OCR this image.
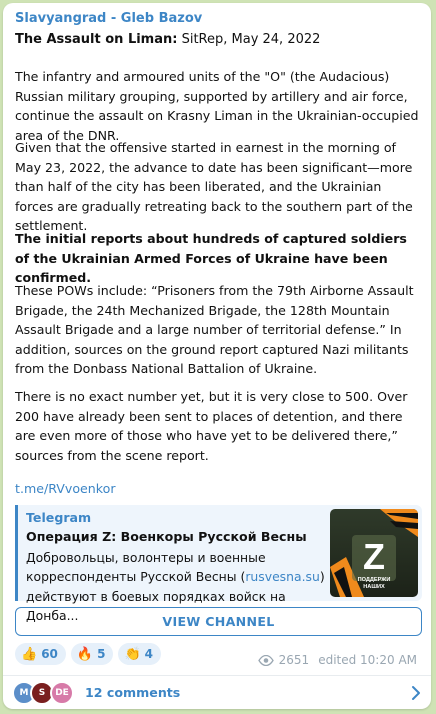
Slavyangrad - Gleb Bazov
The Assault on Liman: SitRep, May 24, 2022
The infantry and armoured units of the "O" (the Audacious) Russian military grouping, supported by artillery and air force, continue the assault on Krasny Liman in the Ukrainian-occupied area of the DNR.
Given that the offensive started in earnest in the morning of May 23, 2022, the advance to date has been significant—more than half of the city has been liberated, and the Ukrainian forces are gradually retreating back to the southern part of the settlement.
The initial reports about hundreds of captured soldiers of the Ukrainian Armed Forces of Ukraine have been confirmed.
These POWs include: “Prisoners from the 79th Airborne Assault Brigade, the 24th Mechanized Brigade, the 128th Mountain Assault Brigade and a large number of territorial defense.” In addition, sources on the ground report captured Nazi militants from the Donbass National Battalion of Ukraine.
There is no exact number yet, but it is very close to 500. Over 200 have already been sent to places of detention, and there are even more of those who have yet to be delivered there,” sources from the scene report.
t.me/RVvoenkor
Telegram
Операция Z: Военкоры Русской Весны
Добровольцы, волонтеры и военные
корреспонденты Русской Весны (rusvesna.su)
действуют в боевых порядках войск на Донба...
Z
ПОДДЕРЖИ
НАШИХ
VIEW CHANNEL
👍 60 🔥 5 👏 4	2651 edited 10:20 AM
M	S	DE	12 comments
